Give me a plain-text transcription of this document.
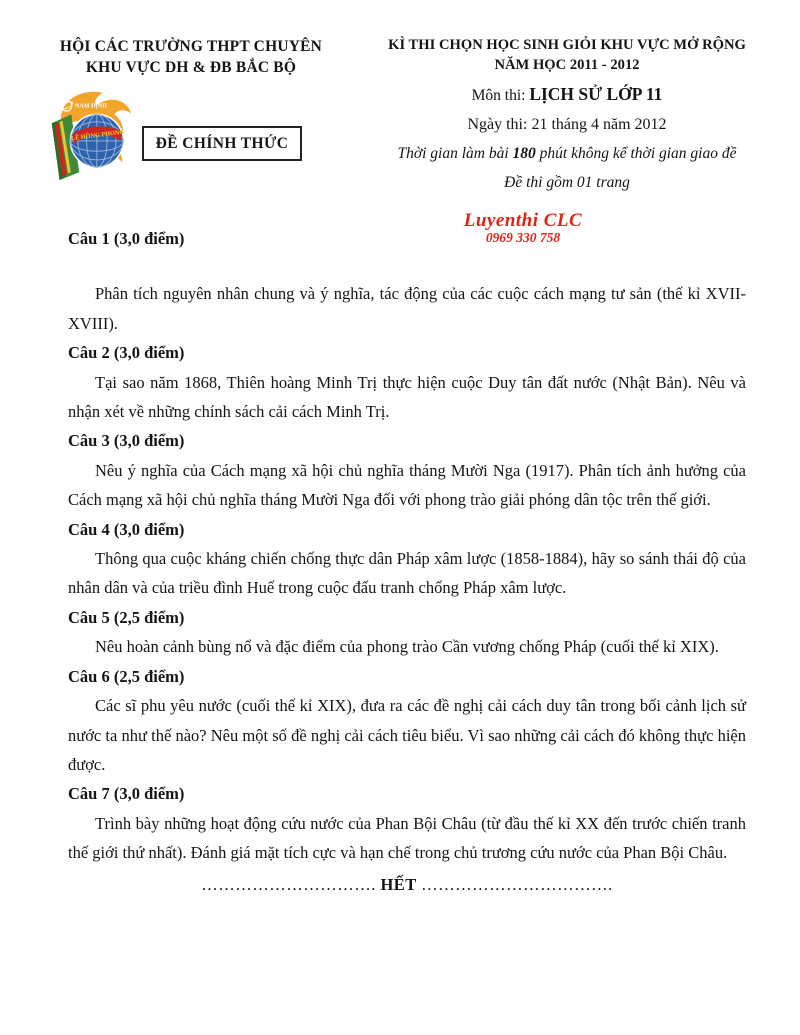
HỘI CÁC TRƯỜNG THPT CHUYÊN
KHU VỰC DH & ĐB BẮC BỘ
NAM ĐỊNH
LÊ HỒNG PHONG	ĐỀ CHÍNH THỨC
KÌ THI CHỌN HỌC SINH GIỎI KHU VỰC MỞ RỘNG
NĂM HỌC 2011 - 2012
Môn thi: LỊCH SỬ LỚP 11
Ngày thi: 21 tháng 4 năm 2012
Thời gian làm bài 180 phút không kể thời gian giao đề
Đề thi gồm 01 trang
Luyenthi CLC
0969 330 758
Câu 1 (3,0 điểm)

Phân tích nguyên nhân chung và ý nghĩa, tác động của các cuộc cách mạng tư sản (thế kỉ XVII-XVIII).

Câu 2 (3,0 điểm)

Tại sao năm 1868, Thiên hoàng Minh Trị thực hiện cuộc Duy tân đất nước (Nhật Bản). Nêu và nhận xét về những chính sách cải cách Minh Trị.

Câu 3 (3,0 điểm)

Nêu ý nghĩa của Cách mạng xã hội chủ nghĩa tháng Mười Nga (1917). Phân tích ảnh hưởng của Cách mạng xã hội chủ nghĩa tháng Mười Nga đối với phong trào giải phóng dân tộc trên thế giới.

Câu 4 (3,0 điểm)

Thông qua cuộc kháng chiến chống thực dân Pháp xâm lược (1858-1884), hãy so sánh thái độ của nhân dân và của triều đình Huế trong cuộc đấu tranh chống Pháp xâm lược.

Câu 5 (2,5 điểm)

Nêu hoàn cảnh bùng nổ và đặc điểm của phong trào Cần vương chống Pháp (cuối thế kỉ XIX).

Câu 6 (2,5 điểm)

Các sĩ phu yêu nước (cuối thế kỉ XIX), đưa ra các đề nghị cải cách duy tân trong bối cảnh lịch sử nước ta như thế nào? Nêu một số đề nghị cải cách tiêu biểu. Vì sao những cải cách đó không thực hiện được.

Câu 7 (3,0 điểm)

Trình bày những hoạt động cứu nước của Phan Bội Châu (từ đầu thế kỉ XX đến trước chiến tranh thế giới thứ nhất). Đánh giá mặt tích cực và hạn chế trong chủ trương cứu nước của Phan Bội Châu.

…………………………. HẾT …………………………….
